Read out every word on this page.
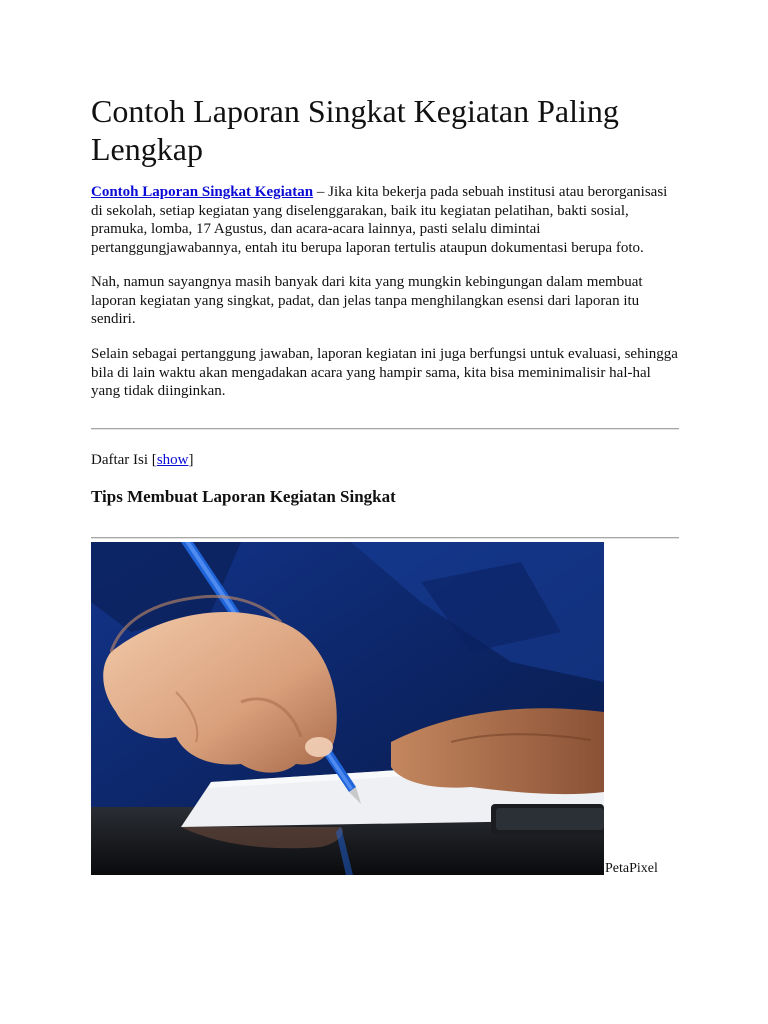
Contoh Laporan Singkat Kegiatan Paling Lengkap

Contoh Laporan Singkat Kegiatan – Jika kita bekerja pada sebuah institusi atau berorganisasi di sekolah, setiap kegiatan yang diselenggarakan, baik itu kegiatan pelatihan, bakti sosial, pramuka, lomba, 17 Agustus, dan acara-acara lainnya, pasti selalu dimintai pertanggungjawabannya, entah itu berupa laporan tertulis ataupun dokumentasi berupa foto.

Nah, namun sayangnya masih banyak dari kita yang mungkin kebingungan dalam membuat laporan kegiatan yang singkat, padat, dan jelas tanpa menghilangkan esensi dari laporan itu sendiri.

Selain sebagai pertanggung jawaban, laporan kegiatan ini juga berfungsi untuk evaluasi, sehingga bila di lain waktu akan mengadakan acara yang hampir sama, kita bisa meminimalisir hal-hal yang tidak diinginkan.

Daftar Isi [show]
Tips Membuat Laporan Kegiatan Singkat
PetaPixel
